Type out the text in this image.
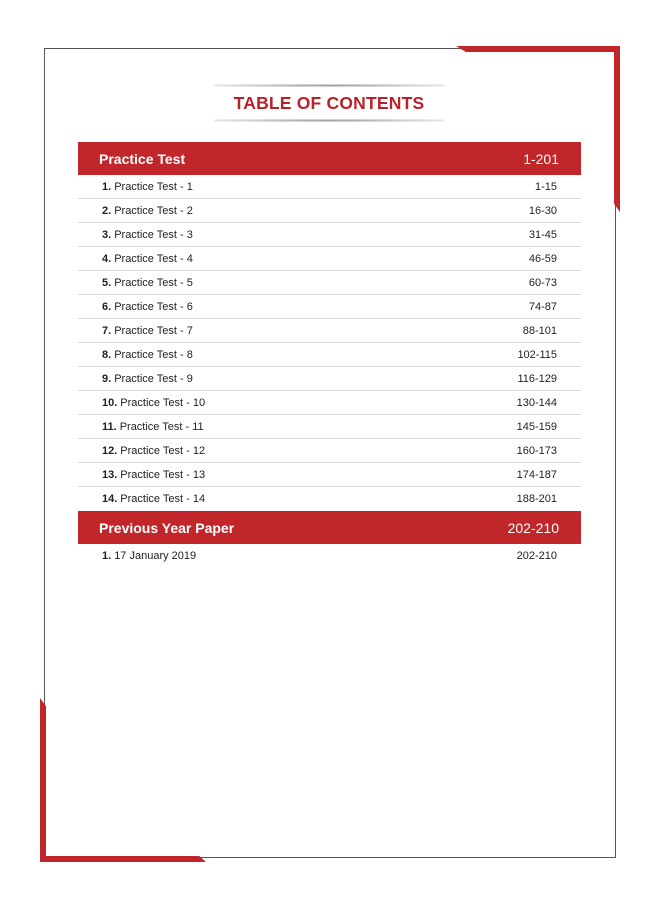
TABLE OF CONTENTS
Practice Test	1-201
1. Practice Test - 1	1-15
2. Practice Test - 2	16-30
3. Practice Test - 3	31-45
4. Practice Test - 4	46-59
5. Practice Test - 5	60-73
6. Practice Test - 6	74-87
7. Practice Test - 7	88-101
8. Practice Test - 8	102-115
9. Practice Test - 9	116-129
10. Practice Test - 10	130-144
11. Practice Test - 11	145-159
12. Practice Test - 12	160-173
13. Practice Test - 13	174-187
14. Practice Test - 14	188-201
Previous Year Paper	202-210
1. 17 January 2019	202-210
